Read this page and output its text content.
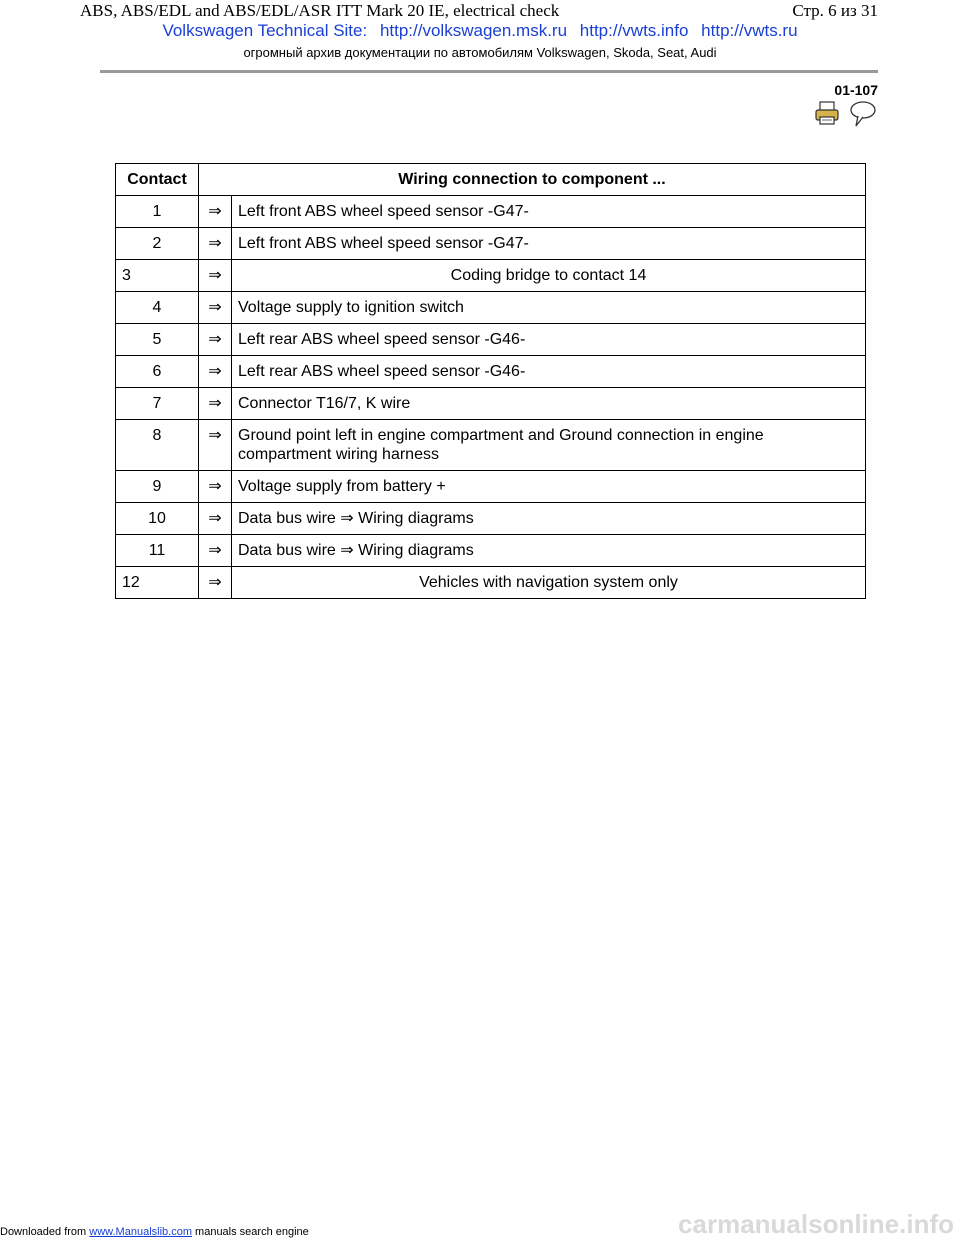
ABS, ABS/EDL and ABS/EDL/ASR ITT Mark 20 IE, electrical check	Стр. 6 из 31
Volkswagen Technical Site: http://volkswagen.msk.ru http://vwts.info http://vwts.ru
огромный архив документации по автомобилям Volkswagen, Skoda, Seat, Audi
01-107
Contact	Wiring connection to component ...	
1	⇒	Left front ABS wheel speed sensor -G47-
2	⇒	Left front ABS wheel speed sensor -G47-
3	⇒	Coding bridge to contact 14
4	⇒	Voltage supply to ignition switch
5	⇒	Left rear ABS wheel speed sensor -G46-
6	⇒	Left rear ABS wheel speed sensor -G46-
7	⇒	Connector T16/7, K wire
8	⇒	Ground point left in engine compartment and Ground connection in engine compartment wiring harness
9	⇒	Voltage supply from battery +
10	⇒	Data bus wire ⇒ Wiring diagrams
11	⇒	Data bus wire ⇒ Wiring diagrams
12	⇒	Vehicles with navigation system only
Downloaded from www.Manualslib.com manuals search engine	carmanualsonline.info
